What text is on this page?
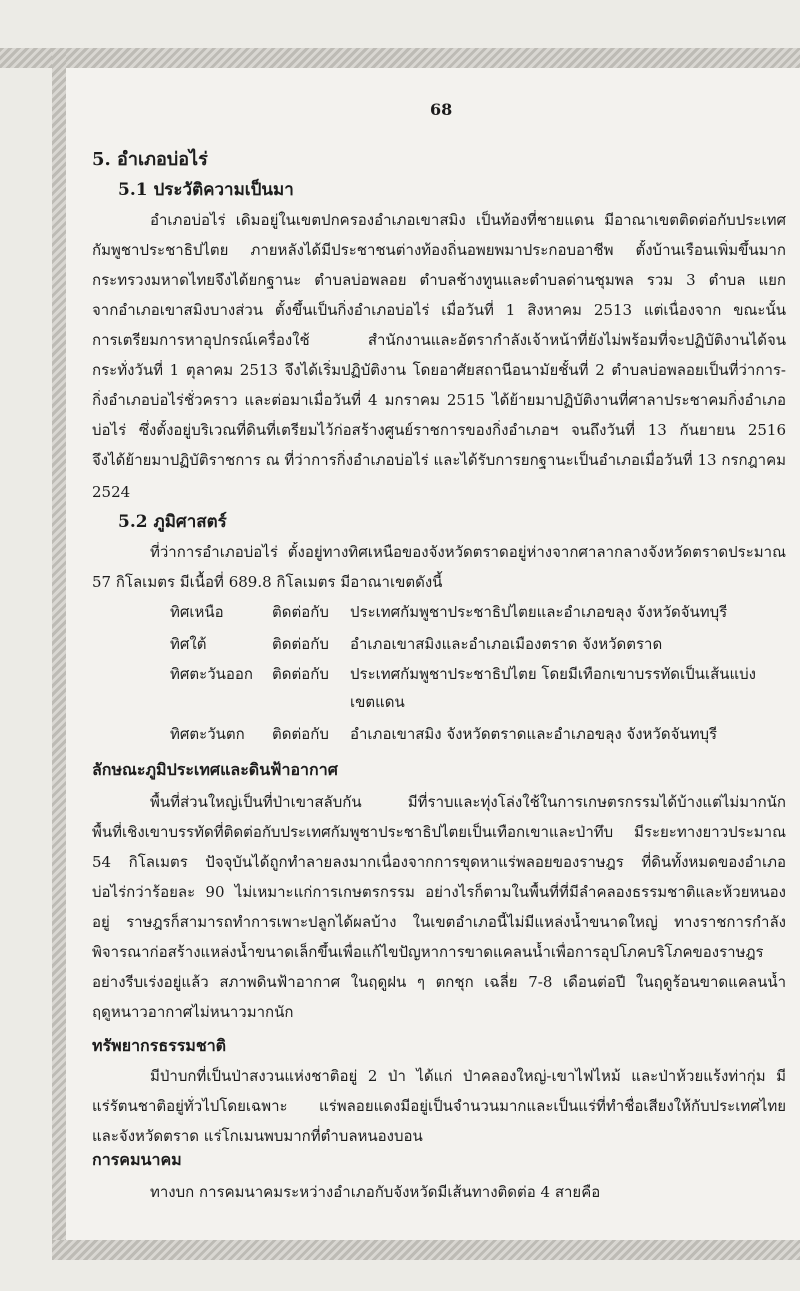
68
5. อำเภอบ่อไร่
5.1 ประวัติความเป็นมา
อำเภอบ่อไร่ เดิมอยู่ในเขตปกครองอำเภอเขาสมิง เป็นท้องที่ชายแดน มีอาณาเขตติดต่อกับประเทศ
กัมพูชาประชาธิปไตย ภายหลังได้มีประชาชนต่างท้องถิ่นอพยพมาประกอบอาชีพ ตั้งบ้านเรือนเพิ่มขึ้นมาก
กระทรวงมหาดไทยจึงได้ยกฐานะ ตำบลบ่อพลอย ตำบลช้างทูนและตำบลด่านชุมพล รวม 3 ตำบล แยก
จากอำเภอเขาสมิงบางส่วน ตั้งขึ้นเป็นกิ่งอำเภอบ่อไร่ เมื่อวันที่ 1 สิงหาคม 2513 แต่เนื่องจาก ขณะนั้น
การเตรียมการหาอุปกรณ์เครื่องใช้ สำนักงานและอัตรากำลังเจ้าหน้าที่ยังไม่พร้อมที่จะปฏิบัติงานได้จน
กระทั่งวันที่ 1 ตุลาคม 2513 จึงได้เริ่มปฏิบัติงาน โดยอาศัยสถานีอนามัยชั้นที่ 2 ตำบลบ่อพลอยเป็นที่ว่าการ-
กิ่งอำเภอบ่อไร่ชั่วคราว และต่อมาเมื่อวันที่ 4 มกราคม 2515 ได้ย้ายมาปฏิบัติงานที่ศาลาประชาคมกิ่งอำเภอ
บ่อไร่ ซึ่งตั้งอยู่บริเวณที่ดินที่เตรียมไว้ก่อสร้างศูนย์ราชการของกิ่งอำเภอฯ จนถึงวันที่ 13 กันยายน 2516
จึงได้ย้ายมาปฏิบัติราชการ ณ ที่ว่าการกิ่งอำเภอบ่อไร่ และได้รับการยกฐานะเป็นอำเภอเมื่อวันที่ 13 กรกฎาคม
2524
5.2 ภูมิศาสตร์
ที่ว่าการอำเภอบ่อไร่ ตั้งอยู่ทางทิศเหนือของจังหวัดตราดอยู่ห่างจากศาลากลางจังหวัดตราดประมาณ
57 กิโลเมตร มีเนื้อที่ 689.8 กิโลเมตร มีอาณาเขตดังนี้
ทิศเหนือ	ติดต่อกับ ประเทศกัมพูชาประชาธิปไตยและอำเภอขลุง จังหวัดจันทบุรี
ทิศใต้	ติดต่อกับ อำเภอเขาสมิงและอำเภอเมืองตราด จังหวัดตราด
ทิศตะวันออก ติดต่อกับ ประเทศกัมพูชาประชาธิปไตย โดยมีเทือกเขาบรรทัดเป็นเส้นแบ่ง
เขตแดน
ทิศตะวันตก ติดต่อกับ อำเภอเขาสมิง จังหวัดตราดและอำเภอขลุง จังหวัดจันทบุรี
ลักษณะภูมิประเทศและดินฟ้าอากาศ
พื้นที่ส่วนใหญ่เป็นที่ป่าเขาสลับกัน มีที่ราบและทุ่งโล่งใช้ในการเกษตรกรรมได้บ้างแต่ไม่มากนัก
พื้นที่เชิงเขาบรรทัดที่ติดต่อกับประเทศกัมพูชาประชาธิปไตยเป็นเทือกเขาและป่าทึบ มีระยะทางยาวประมาณ
54 กิโลเมตร ปัจจุบันได้ถูกทำลายลงมากเนื่องจากการขุดหาแร่พลอยของราษฎร ที่ดินทั้งหมดของอำเภอ
บ่อไร่กว่าร้อยละ 90 ไม่เหมาะแก่การเกษตรกรรม อย่างไรก็ตามในพื้นที่ที่มีลำคลองธรรมชาติและห้วยหนอง
อยู่ ราษฎรก็สามารถทำการเพาะปลูกได้ผลบ้าง ในเขตอำเภอนี้ไม่มีแหล่งน้ำขนาดใหญ่ ทางราชการกำลัง
พิจารณาก่อสร้างแหล่งน้ำขนาดเล็กขึ้นเพื่อแก้ไขปัญหาการขาดแคลนน้ำเพื่อการอุปโภคบริโภคของราษฎร
อย่างรีบเร่งอยู่แล้ว สภาพดินฟ้าอากาศ ในฤดูฝน ๆ ตกชุก เฉลี่ย 7-8 เดือนต่อปี ในฤดูร้อนขาดแคลนน้ำ
ฤดูหนาวอากาศไม่หนาวมากนัก
ทรัพยากรธรรมชาติ
มีป่าบกที่เป็นป่าสงวนแห่งชาติอยู่ 2 ป่า ได้แก่ ป่าคลองใหญ่-เขาไฟไหม้ และป่าห้วยแร้งท่ากุ่ม มี
แร่รัตนชาติอยู่ทั่วไปโดยเฉพาะ แร่พลอยแดงมีอยู่เป็นจำนวนมากและเป็นแร่ที่ทำชื่อเสียงให้กับประเทศไทย
และจังหวัดตราด แร่โกเมนพบมากที่ตำบลหนองบอน
การคมนาคม
ทางบก การคมนาคมระหว่างอำเภอกับจังหวัดมีเส้นทางติดต่อ 4 สายคือ
